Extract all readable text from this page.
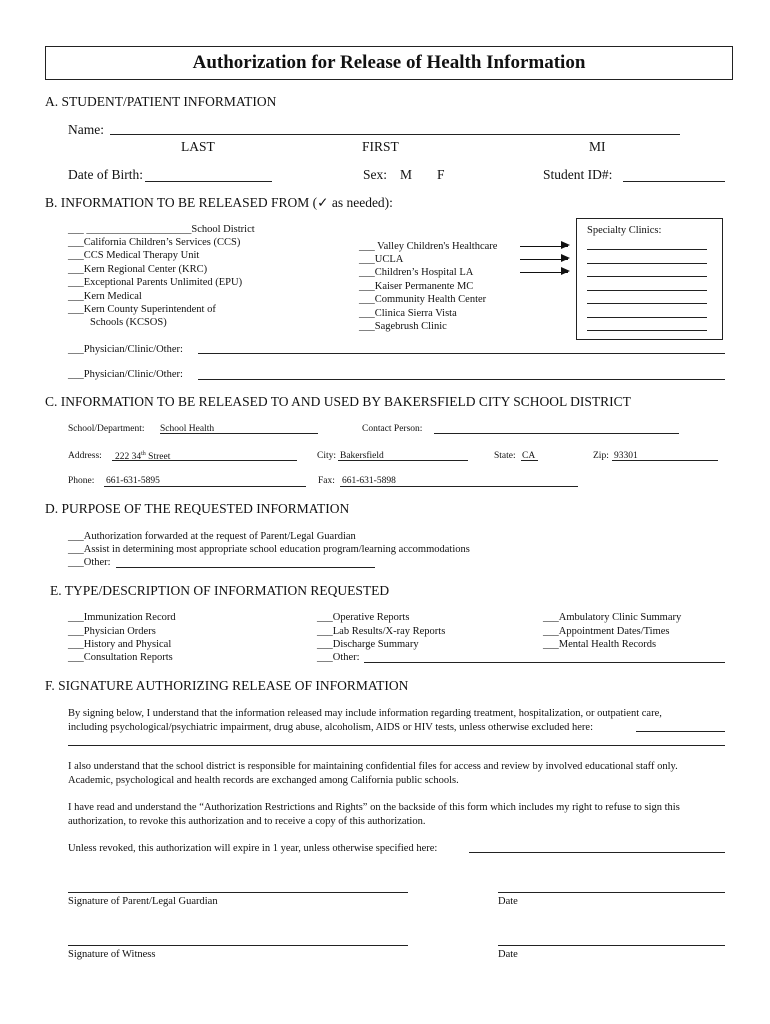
Authorization for Release of Health Information
A. STUDENT/PATIENT INFORMATION
Name:
LAST	FIRST	MI
Date of Birth:	Sex: M F	Student ID#:
B. INFORMATION TO BE RELEASED FROM (✓ as needed):
___ ____________________School District
___California Children’s Services (CCS)
___CCS Medical Therapy Unit
___Kern Regional Center (KRC)
___Exceptional Parents Unlimited (EPU)
___Kern Medical
___Kern County Superintendent of
Schools (KCSOS)
___ Valley Children's Healthcare
___UCLA
___Children’s Hospital LA
___Kaiser Permanente MC
___Community Health Center
___Clinica Sierra Vista
___Sagebrush Clinic
Specialty Clinics:
___Physician/Clinic/Other:
___Physician/Clinic/Other:
C. INFORMATION TO BE RELEASED TO AND USED BY BAKERSFIELD CITY SCHOOL DISTRICT
School/Department: School Health	Contact Person:
Address: 222 34th Street	City: Bakersfield	State: CA	Zip: 93301
Phone: 661-631-5895	Fax: 661-631-5898
D. PURPOSE OF THE REQUESTED INFORMATION
___Authorization forwarded at the request of Parent/Legal Guardian
___Assist in determining most appropriate school education program/learning accommodations
___Other:
E. TYPE/DESCRIPTION OF INFORMATION REQUESTED
___Immunization Record
___Physician Orders
___History and Physical
___Consultation Reports
___Operative Reports
___Lab Results/X-ray Reports
___Discharge Summary
___Other:
___Ambulatory Clinic Summary
___Appointment Dates/Times
___Mental Health Records
F. SIGNATURE AUTHORIZING RELEASE OF INFORMATION
By signing below, I understand that the information released may include information regarding treatment, hospitalization, or outpatient care,
including psychological/psychiatric impairment, drug abuse, alcoholism, AIDS or HIV tests, unless otherwise excluded here:
I also understand that the school district is responsible for maintaining confidential files for access and review by involved educational staff only.
Academic, psychological and health records are exchanged among California public schools.
I have read and understand the “Authorization Restrictions and Rights” on the backside of this form which includes my right to refuse to sign this
authorization, to revoke this authorization and to receive a copy of this authorization.
Unless revoked, this authorization will expire in 1 year, unless otherwise specified here:
Signature of Parent/Legal Guardian	Date
Signature of Witness	Date
